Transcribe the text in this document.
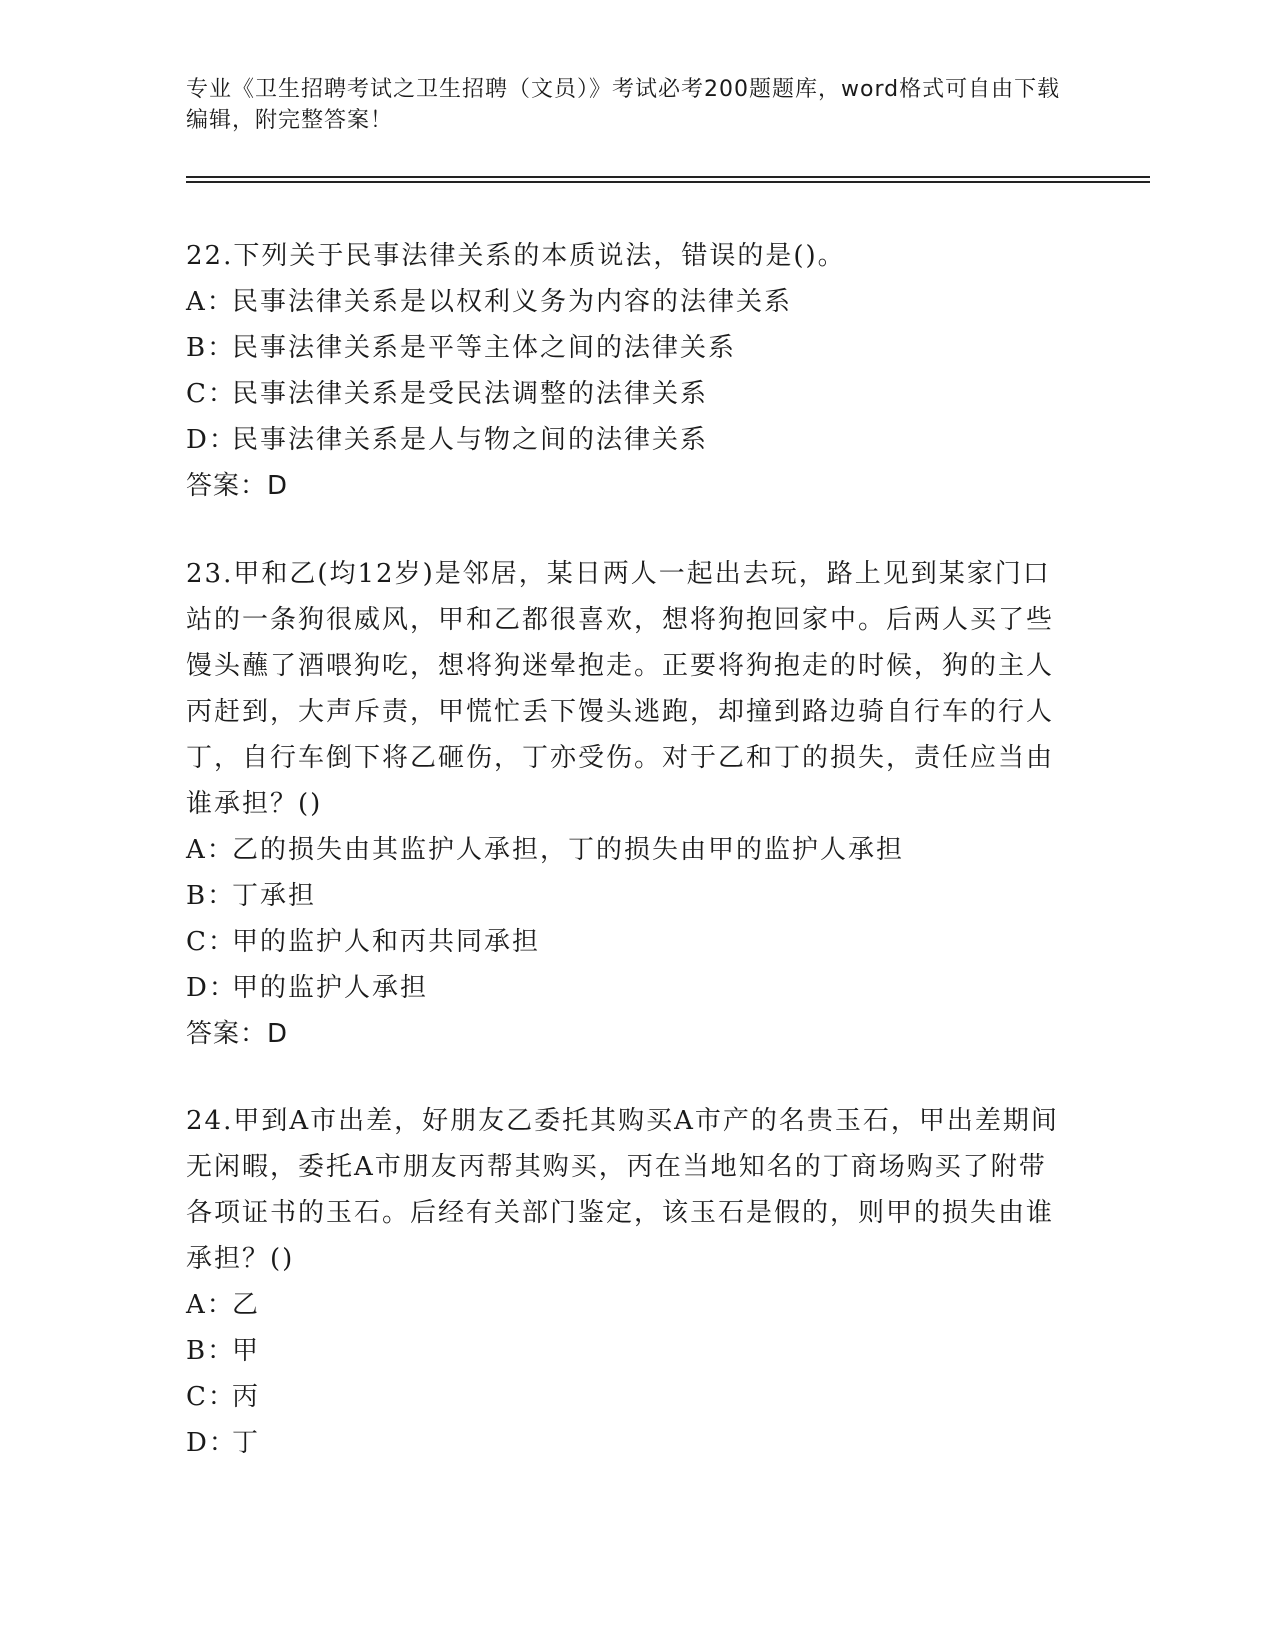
专业《卫生招聘考试之卫生招聘（文员）》考试必考200题题库，word格式可自由下载编辑，附完整答案！

22.下列关于民事法律关系的本质说法，错误的是()。

A：民事法律关系是以权利义务为内容的法律关系

B：民事法律关系是平等主体之间的法律关系

C：民事法律关系是受民法调整的法律关系

D：民事法律关系是人与物之间的法律关系

答案：D

23.甲和乙(均12岁)是邻居，某日两人一起出去玩，路上见到某家门口站的一条狗很威风，甲和乙都很喜欢，想将狗抱回家中。后两人买了些馒头蘸了酒喂狗吃，想将狗迷晕抱走。正要将狗抱走的时候，狗的主人丙赶到，大声斥责，甲慌忙丢下馒头逃跑，却撞到路边骑自行车的行人丁，自行车倒下将乙砸伤，丁亦受伤。对于乙和丁的损失，责任应当由谁承担？()

A：乙的损失由其监护人承担，丁的损失由甲的监护人承担

B：丁承担

C：甲的监护人和丙共同承担

D：甲的监护人承担

答案：D

24.甲到A市出差，好朋友乙委托其购买A市产的名贵玉石，甲出差期间无闲暇，委托A市朋友丙帮其购买，丙在当地知名的丁商场购买了附带各项证书的玉石。后经有关部门鉴定，该玉石是假的，则甲的损失由谁承担？()

A：乙

B：甲

C：丙

D：丁
